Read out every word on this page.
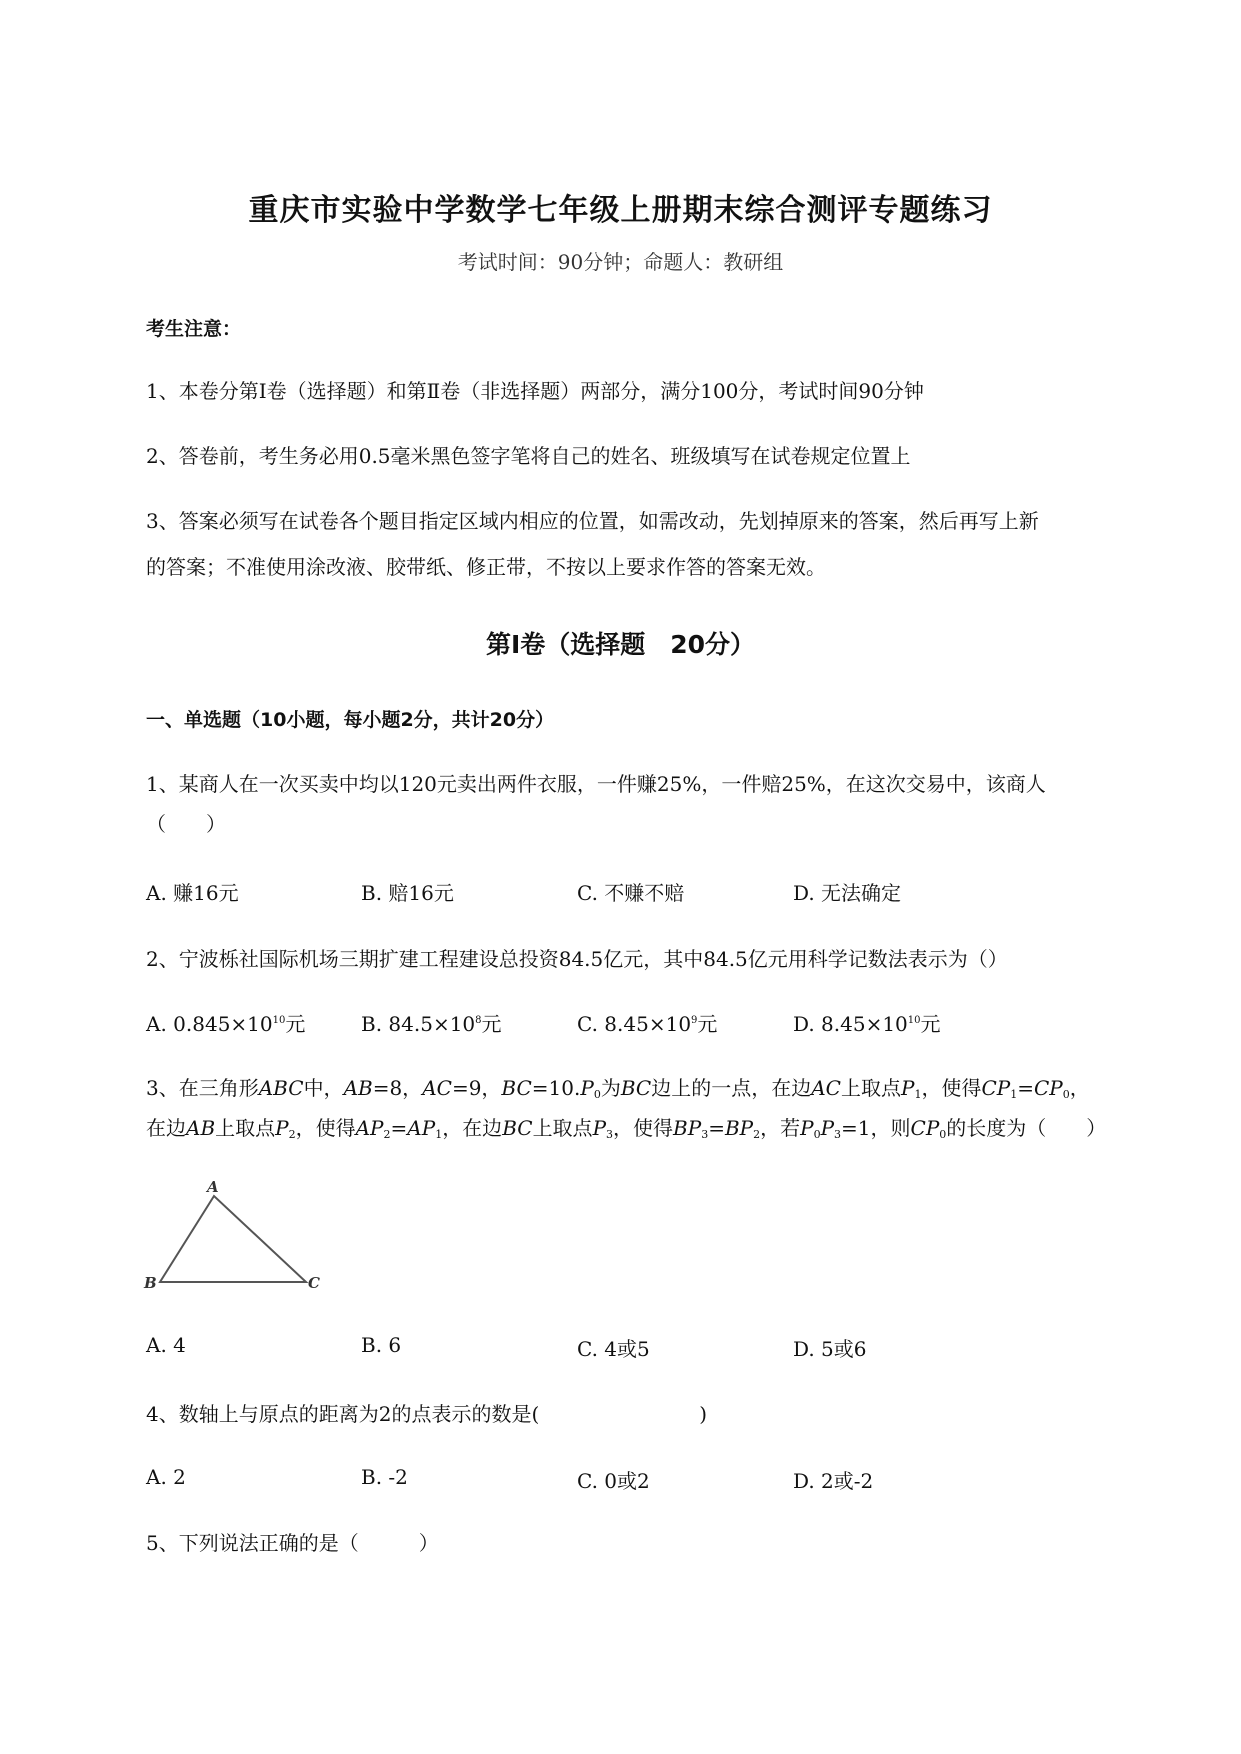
重庆市实验中学数学七年级上册期末综合测评专题练习
考试时间：90分钟；命题人：教研组
考生注意：
1、本卷分第Ⅰ卷（选择题）和第Ⅱ卷（非选择题）两部分，满分100分，考试时间90分钟
2、答卷前，考生务必用0.5毫米黑色签字笔将自己的姓名、班级填写在试卷规定位置上
3、答案必须写在试卷各个题目指定区域内相应的位置，如需改动，先划掉原来的答案，然后再写上新
的答案；不准使用涂改液、胶带纸、修正带，不按以上要求作答的答案无效。
第Ⅰ卷（选择题　20分）
一、单选题（10小题，每小题2分，共计20分）
1、某商人在一次买卖中均以120元卖出两件衣服，一件赚25%，一件赔25%，在这次交易中，该商人
（　　）
A. 赚16元	B. 赔16元	C. 不赚不赔	D. 无法确定
2、宁波栎社国际机场三期扩建工程建设总投资84.5亿元，其中84.5亿元用科学记数法表示为（）
A. $0.845\times 10^{10}$元	B. $84.5\times 10^8$元	C. $8.45\times 10^9$元	D. $8.45\times 10^{10}$元
3、在三角形ABC中，AB=8，AC=9，$BC=10.P_0$为BC边上的一点，在边AC上取点$P_1$，使得$CP_1=CP_0$，
在边AB上取点$P_2$，使得$AP_2=AP_1$，在边BC上取点$P_3$，使得$BP_3=BP_2$，若$P_0P_3=1$，则$CP_0$的长度为（　　）
A
B	C
A. 4	B. 6	C. 4或5	D. 5或6
4、数轴上与原点的距离为2的点表示的数是(　　　　　　　　)
A. 2	B. -2	C. 0或2	D. 2或-2
5、下列说法正确的是（　　　）
